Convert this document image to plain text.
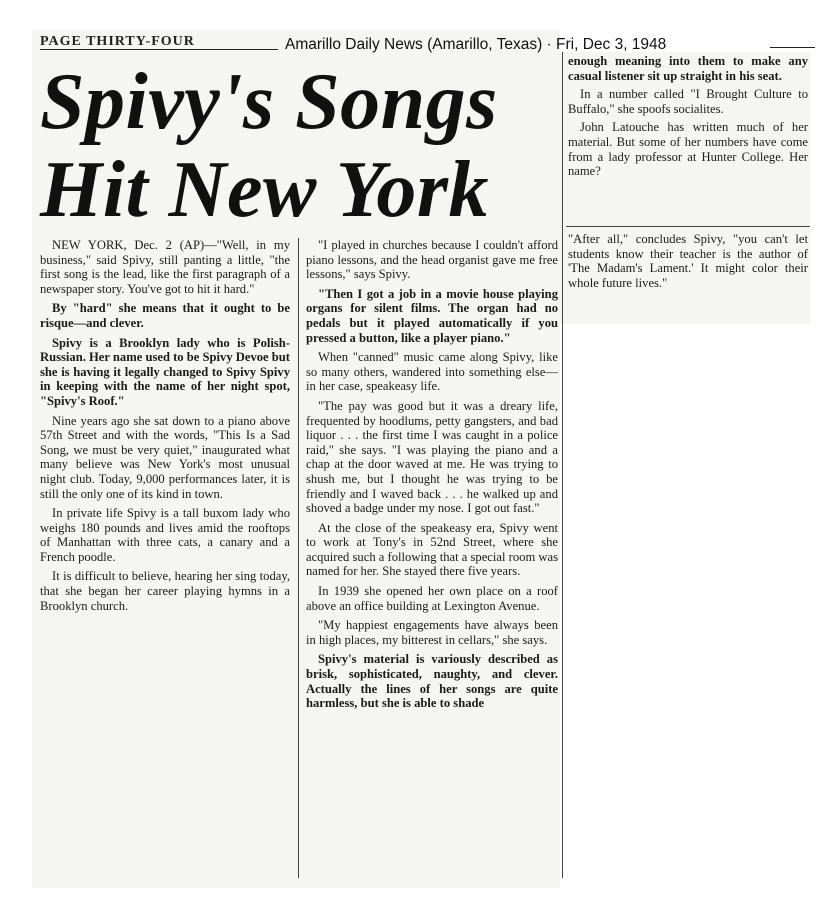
PAGE THIRTY-FOUR	Amarillo Daily News (Amarillo, Texas) · Fri, Dec 3, 1948
Spivy's Songs
Hit New York

NEW YORK, Dec. 2 (AP)—"Well, in my business," said Spivy, still panting a little, "the first song is the lead, like the first paragraph of a newspaper story. You've got to hit it hard."

By "hard" she means that it ought to be risque—and clever.

Spivy is a Brooklyn lady who is Polish-Russian. Her name used to be Spivy Devoe but she is having it legally changed to Spivy Spivy in keeping with the name of her night spot, "Spivy's Roof."

Nine years ago she sat down to a piano above 57th Street and with the words, "This Is a Sad Song, we must be very quiet," inaugurated what many believe was New York's most unusual night club. Today, 9,000 performances later, it is still the only one of its kind in town.

In private life Spivy is a tall buxom lady who weighs 180 pounds and lives amid the rooftops of Manhattan with three cats, a canary and a French poodle.

It is difficult to believe, hearing her sing today, that she began her career playing hymns in a Brooklyn church.

"I played in churches because I couldn't afford piano lessons, and the head organist gave me free lessons," says Spivy.

"Then I got a job in a movie house playing organs for silent films. The organ had no pedals but it played automatically if you pressed a button, like a player piano."

When "canned" music came along Spivy, like so many others, wandered into something else—in her case, speakeasy life.

"The pay was good but it was a dreary life, frequented by hoodlums, petty gangsters, and bad liquor . . . the first time I was caught in a police raid," she says. "I was playing the piano and a chap at the door waved at me. He was trying to shush me, but I thought he was trying to be friendly and I waved back . . . he walked up and shoved a badge under my nose. I got out fast."

At the close of the speakeasy era, Spivy went to work at Tony's in 52nd Street, where she acquired such a following that a special room was named for her. She stayed there five years.

In 1939 she opened her own place on a roof above an office building at Lexington Avenue.

"My happiest engagements have always been in high places, my bitterest in cellars," she says.

Spivy's material is variously described as brisk, sophisticated, naughty, and clever. Actually the lines of her songs are quite harmless, but she is able to shade

enough meaning into them to make any casual listener sit up straight in his seat.

In a number called "I Brought Culture to Buffalo," she spoofs socialites.

John Latouche has written much of her material. But some of her numbers have come from a lady professor at Hunter College. Her name?

"After all," concludes Spivy, "you can't let students know their teacher is the author of 'The Madam's Lament.' It might color their whole future lives."
